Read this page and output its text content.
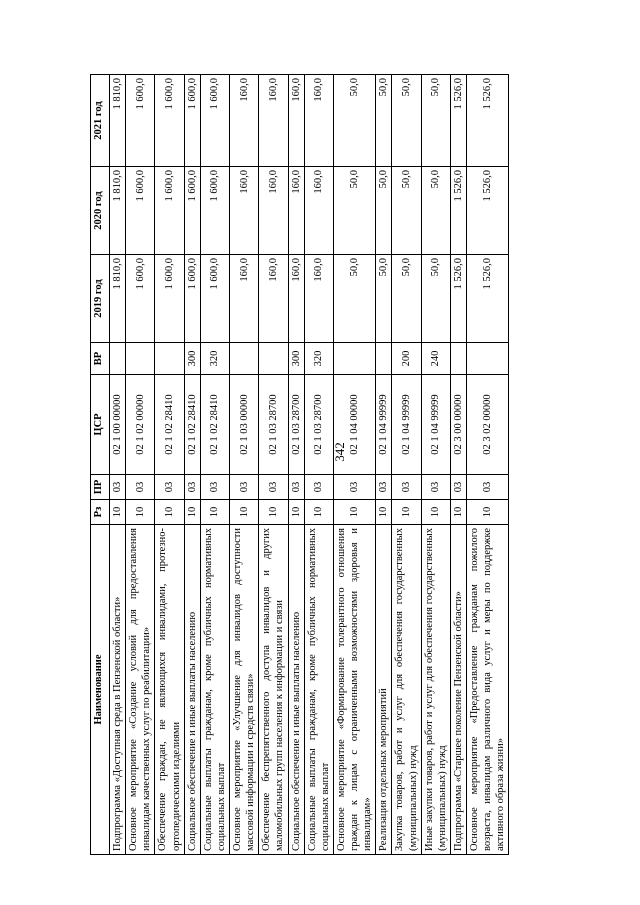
342
Наименование	Рз	ПР	ЦСР	ВР	2019 год	2020 год	2021 год
Подпрограмма «Доступная среда в Пензенской области»	10	03	02 1 00 00000		1 810,0	1 810,0	1 810,0
Основное мероприятие «Создание условий для предоставления инвалидам качественных услуг по реабилитации»	10	03	02 1 02 00000		1 600,0	1 600,0	1 600,0
Обеспечение граждан, не являющихся инвалидами, протезно-ортопедическими изделиями	10	03	02 1 02 28410		1 600,0	1 600,0	1 600,0
Социальное обеспечение и иные выплаты населению	10	03	02 1 02 28410	300	1 600,0	1 600,0	1 600,0
Социальные выплаты гражданам, кроме публичных нормативных социальных выплат	10	03	02 1 02 28410	320	1 600,0	1 600,0	1 600,0
Основное мероприятие «Улучшение для инвалидов доступности массовой информации и средств связи»	10	03	02 1 03 00000		160,0	160,0	160,0
Обеспечение беспрепятственного доступа инвалидов и других маломобильных групп населения к информации и связи	10	03	02 1 03 28700		160,0	160,0	160,0
Социальное обеспечение и иные выплаты населению	10	03	02 1 03 28700	300	160,0	160,0	160,0
Социальные выплаты гражданам, кроме публичных нормативных социальных выплат	10	03	02 1 03 28700	320	160,0	160,0	160,0
Основное мероприятие «Формирование толерантного отношения граждан к лицам с ограниченными возможностями здоровья и инвалидам»	10	03	02 1 04 00000		50,0	50,0	50,0
Реализация отдельных мероприятий	10	03	02 1 04 99999		50,0	50,0	50,0
Закупка товаров, работ и услуг для обеспечения государственных (муниципальных) нужд	10	03	02 1 04 99999	200	50,0	50,0	50,0
Иные закупки товаров, работ и услуг для обеспечения государственных (муниципальных) нужд	10	03	02 1 04 99999	240	50,0	50,0	50,0
Подпрограмма «Старшее поколение Пензенской области»	10	03	02 3 00 00000		1 526,0	1 526,0	1 526,0
Основное мероприятие «Предоставление гражданам пожилого возраста, инвалидам различного вида услуг и меры по поддержке активного образа жизни»	10	03	02 3 02 00000		1 526,0	1 526,0	1 526,0
